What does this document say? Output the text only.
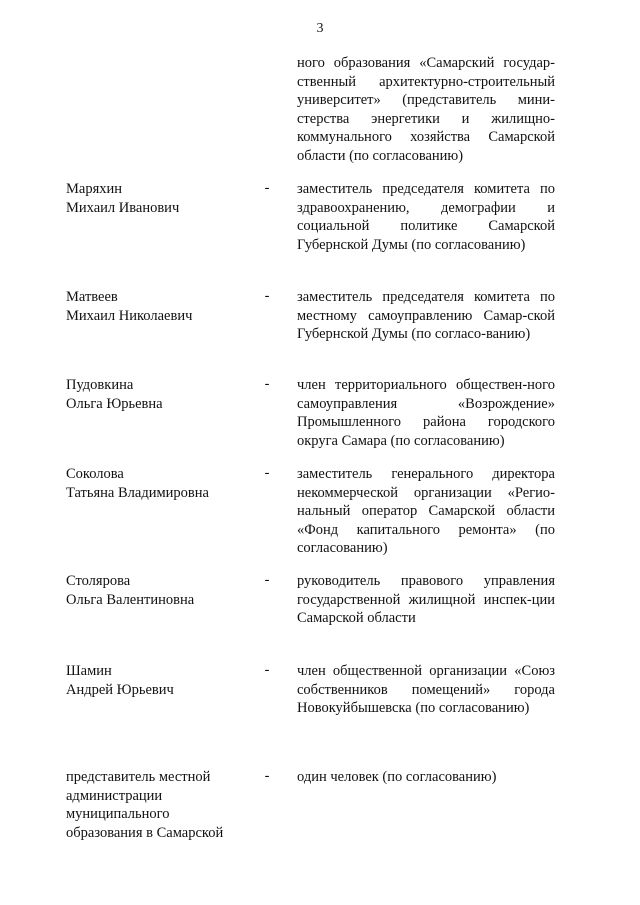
3
ного образования «Самарский государ-ственный архитектурно-строительный университет» (представитель мини-стерства энергетики и жилищно-коммунального хозяйства Самарской области (по согласованию)
Маряхин
Михаил Иванович
- заместитель председателя комитета по здравоохранению, демографии и социальной политике Самарской Губернской Думы (по согласованию)
Матвеев
Михаил Николаевич
- заместитель председателя комитета по местному самоуправлению Самар-ской Губернской Думы (по согласо-ванию)
Пудовкина
Ольга Юрьевна
- член территориального обществен-ного самоуправления «Возрождение» Промышленного района городского округа Самара (по согласованию)
Соколова
Татьяна Владимировна
- заместитель генерального директора некоммерческой организации «Регио-нальный оператор Самарской области «Фонд капитального ремонта» (по согласованию)
Столярова
Ольга Валентиновна
- руководитель правового управления государственной жилищной инспек-ции Самарской области
Шамин
Андрей Юрьевич
- член общественной организации «Союз собственников помещений» города Новокуйбышевска (по согласованию)
представитель местной
администрации
муниципального
образования в Самарской
- один человек (по согласованию)
